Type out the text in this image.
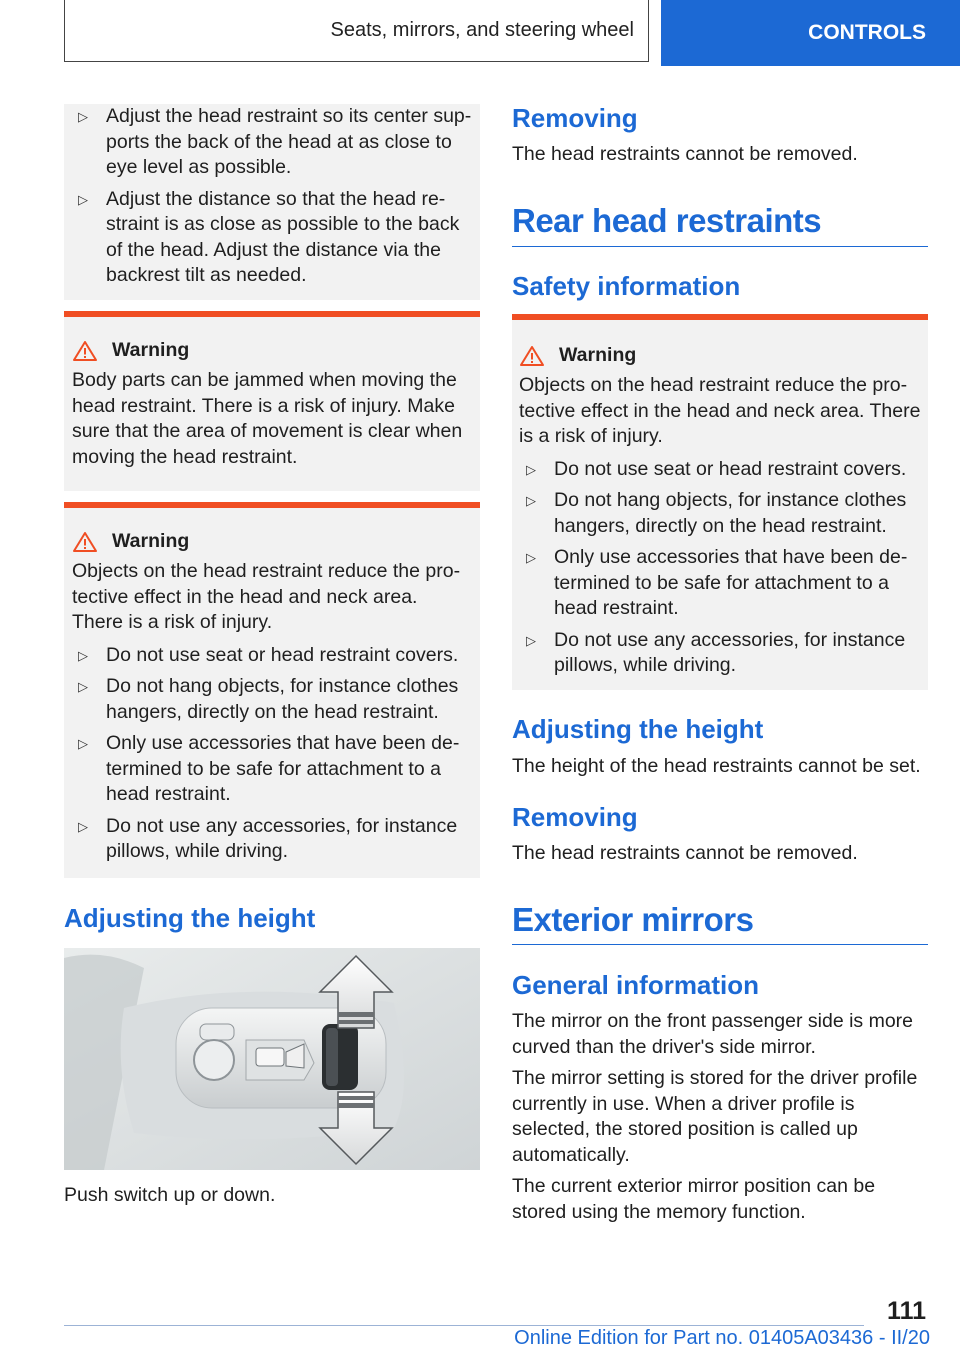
Seats, mirrors, and steering wheel	CONTROLS
▷ Adjust the head restraint so its center sup‐ports the back of the head at as close to eye level as possible.
▷ Adjust the distance so that the head re‐straint is as close as possible to the back of the head. Adjust the distance via the backrest tilt as needed.
Warning

Body parts can be jammed when moving the head restraint. There is a risk of injury. Make sure that the area of movement is clear when moving the head restraint.

Warning

Objects on the head restraint reduce the pro‐tective effect in the head and neck area. There is a risk of injury.

▷ Do not use seat or head restraint covers.
▷ Do not hang objects, for instance clothes hangers, directly on the head restraint.
▷ Only use accessories that have been de‐termined to be safe for attachment to a head restraint.
▷ Do not use any accessories, for instance pillows, while driving.
Adjusting the height
Push switch up or down.
Removing
The head restraints cannot be removed.
Rear head restraints
Safety information
Warning

Objects on the head restraint reduce the pro‐tective effect in the head and neck area. There is a risk of injury.

▷ Do not use seat or head restraint covers.
▷ Do not hang objects, for instance clothes hangers, directly on the head restraint.
▷ Only use accessories that have been de‐termined to be safe for attachment to a head restraint.
▷ Do not use any accessories, for instance pillows, while driving.
Adjusting the height
The height of the head restraints cannot be set.
Removing
The head restraints cannot be removed.
Exterior mirrors
General information

The mirror on the front passenger side is more curved than the driver's side mirror.

The mirror setting is stored for the driver profile currently in use. When a driver profile is selected, the stored position is called up automatically.

The current exterior mirror position can be stored using the memory function.

111
Online Edition for Part no. 01405A03436 - II/20
